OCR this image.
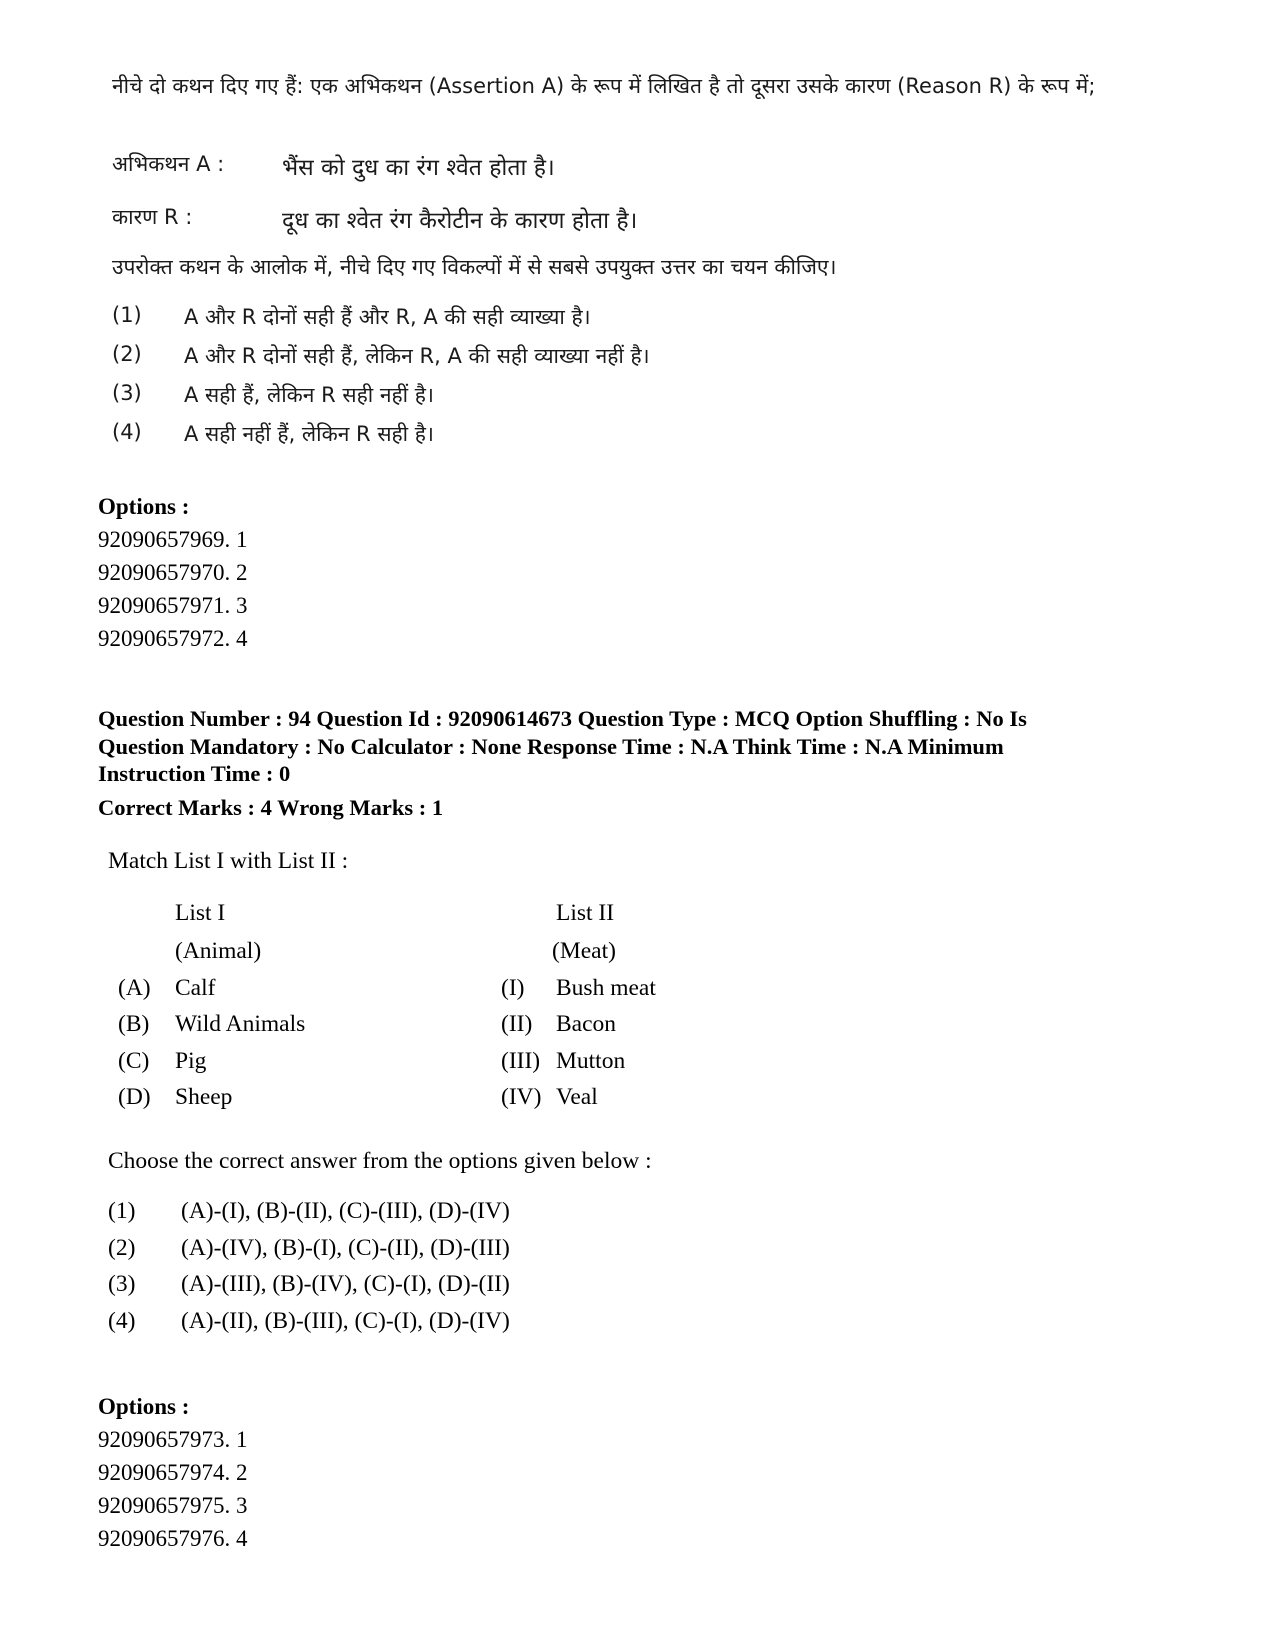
नीचे दो कथन दिए गए हैं: एक अभिकथन (Assertion A) के रूप में लिखित है तो दूसरा उसके कारण (Reason R) के रूप में;

अभिकथन A :	भैंस को दुध का रंग श्वेत होता है।
कारण R :	दूध का श्वेत रंग कैरोटीन के कारण होता है।
उपरोक्त कथन के आलोक में, नीचे दिए गए विकल्पों में से सबसे उपयुक्त उत्तर का चयन कीजिए।
(1) A और R दोनों सही हैं और R, A की सही व्याख्या है।
(2) A और R दोनों सही हैं, लेकिन R, A की सही व्याख्या नहीं है।
(3) A सही हैं, लेकिन R सही नहीं है।
(4) A सही नहीं हैं, लेकिन R सही है।
Options :
92090657969. 1
92090657970. 2
92090657971. 3
92090657972. 4
Question Number : 94 Question Id : 92090614673 Question Type : MCQ Option Shuffling : No Is
Question Mandatory : No Calculator : None Response Time : N.A Think Time : N.A Minimum
Instruction Time : 0
Correct Marks : 4 Wrong Marks : 1
Match List I with List II :
List I
(Animal)
List II
(Meat)
(A) Calf	(I) Bush meat
(B) Wild Animals	(II) Bacon
(C) Pig	(III) Mutton
(D) Sheep	(IV) Veal
Choose the correct answer from the options given below :
(1) (A)-(I), (B)-(II), (C)-(III), (D)-(IV)
(2) (A)-(IV), (B)-(I), (C)-(II), (D)-(III)
(3) (A)-(III), (B)-(IV), (C)-(I), (D)-(II)
(4) (A)-(II), (B)-(III), (C)-(I), (D)-(IV)
Options :
92090657973. 1
92090657974. 2
92090657975. 3
92090657976. 4
